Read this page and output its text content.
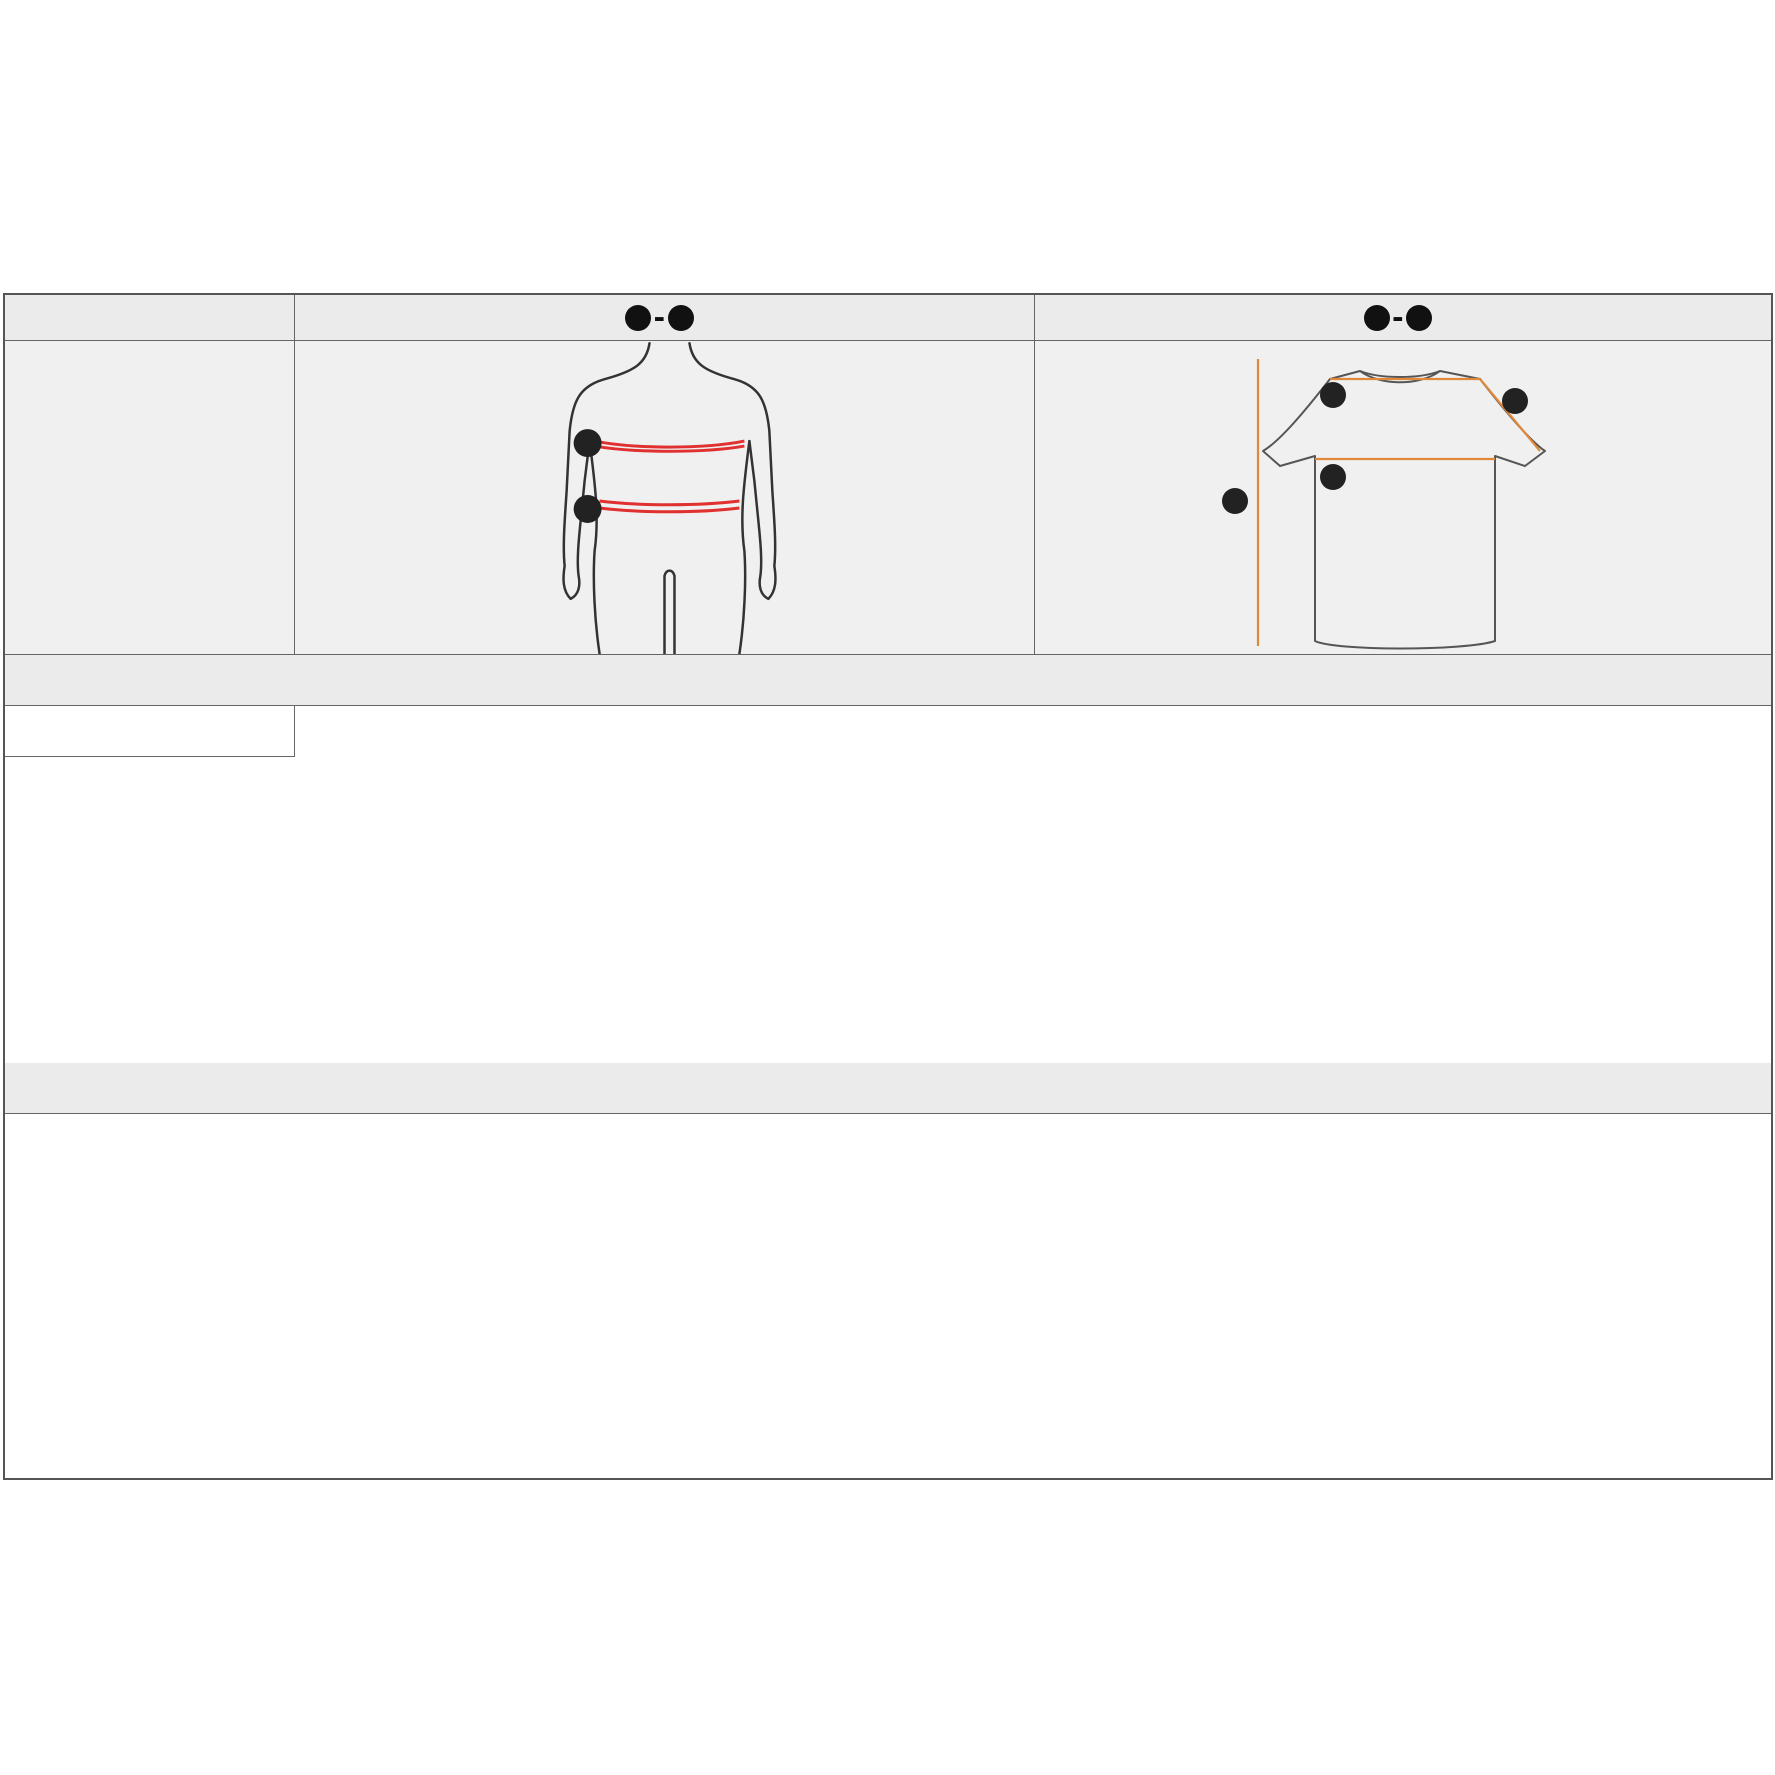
-	-
